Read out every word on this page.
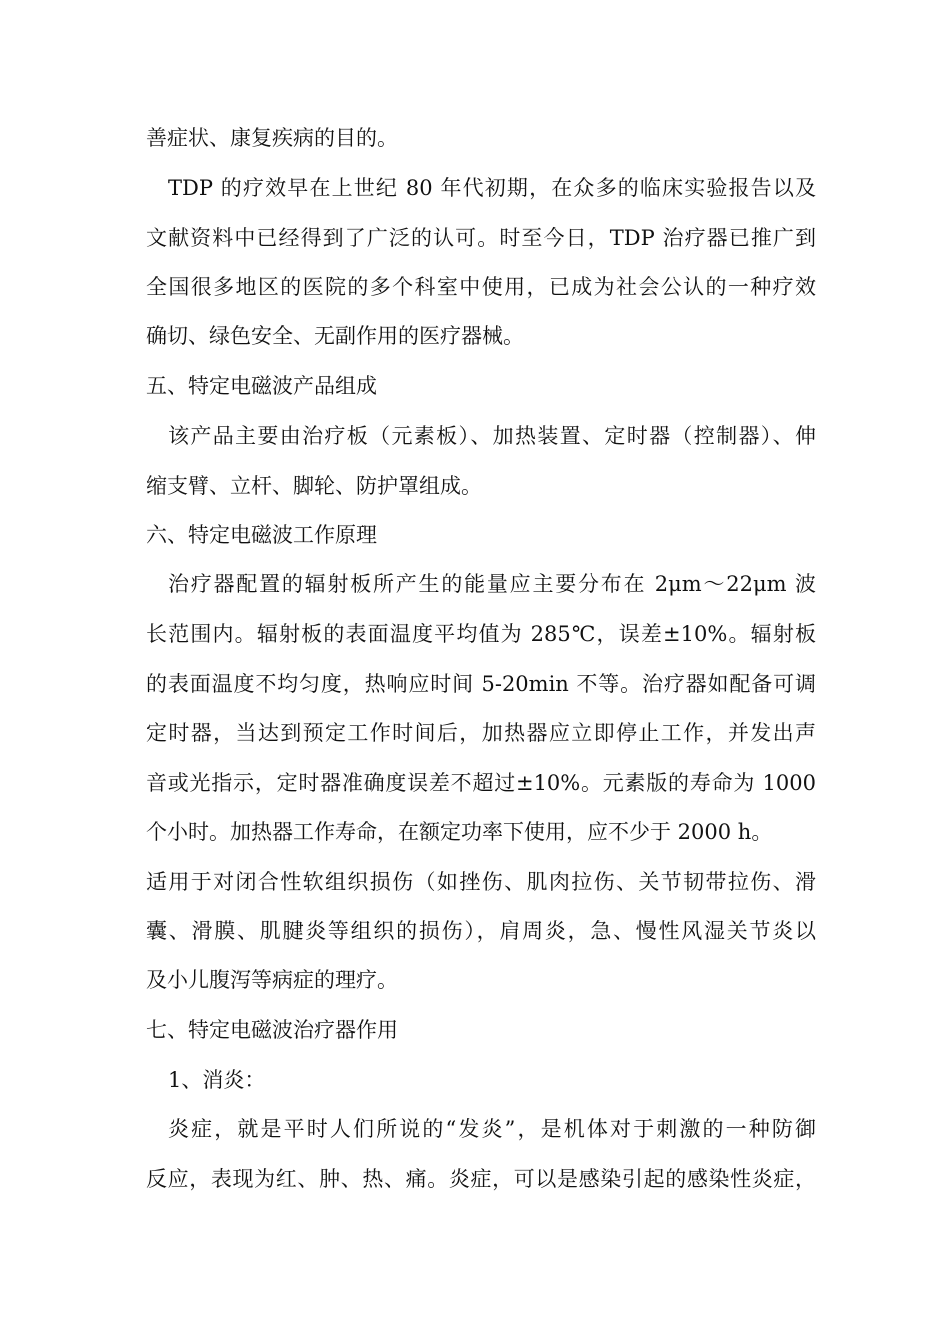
善症状、康复疾病的目的。

TDP 的疗效早在上世纪 80 年代初期，在众多的临床实验报告以及

文献资料中已经得到了广泛的认可。时至今日，TDP 治疗器已推广到

全国很多地区的医院的多个科室中使用，已成为社会公认的一种疗效

确切、绿色安全、无副作用的医疗器械。

五、特定电磁波产品组成

该产品主要由治疗板（元素板）、加热装置、定时器（控制器）、伸

缩支臂、立杆、脚轮、防护罩组成。

六、特定电磁波工作原理

治疗器配置的辐射板所产生的能量应主要分布在 2μm～22μm 波

长范围内。辐射板的表面温度平均值为 285℃，误差±10%。辐射板

的表面温度不均匀度，热响应时间 5-20min 不等。治疗器如配备可调

定时器，当达到预定工作时间后，加热器应立即停止工作，并发出声

音或光指示，定时器准确度误差不超过±10%。元素版的寿命为 1000

个小时。加热器工作寿命，在额定功率下使用，应不少于 2000 h。

适用于对闭合性软组织损伤（如挫伤、肌肉拉伤、关节韧带拉伤、滑

囊、滑膜、肌腱炎等组织的损伤），肩周炎，急、慢性风湿关节炎以

及小儿腹泻等病症的理疗。

七、特定电磁波治疗器作用

1、消炎：

炎症，就是平时人们所说的“发炎”，是机体对于刺激的一种防御

反应，表现为红、肿、热、痛。炎症，可以是感染引起的感染性炎症，
